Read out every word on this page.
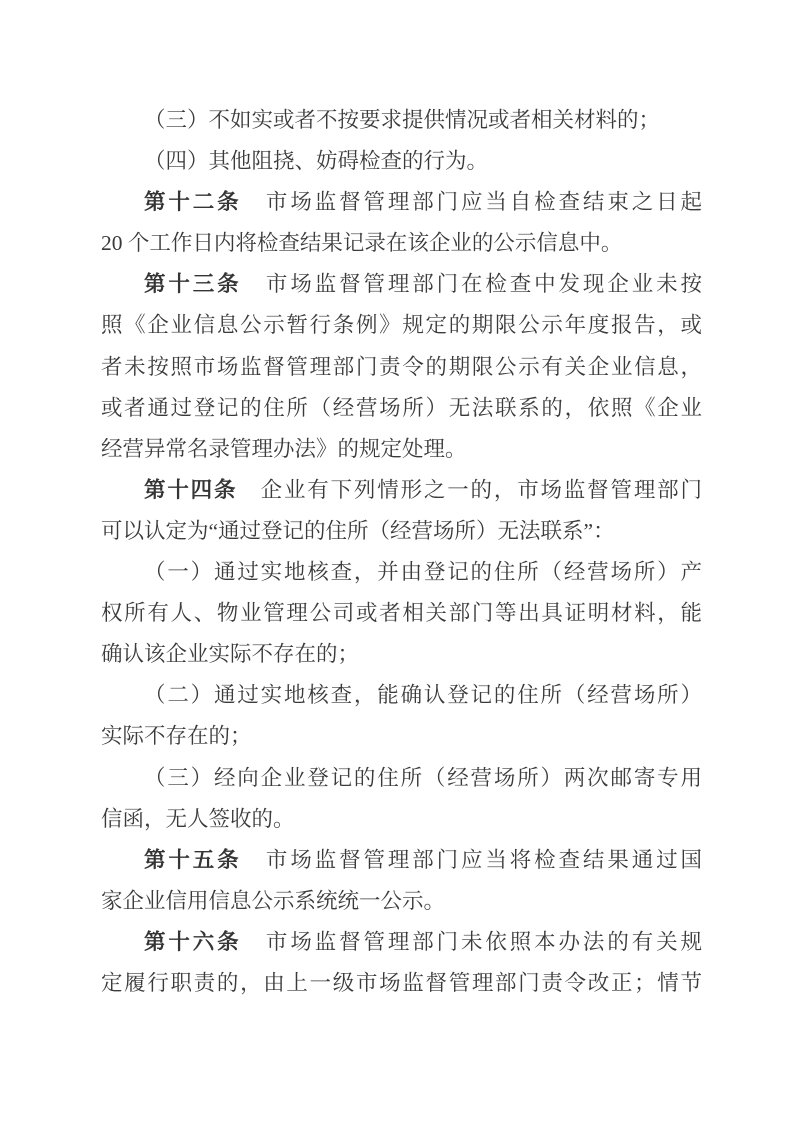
（三）不如实或者不按要求提供情况或者相关材料的；
（四）其他阻挠、妨碍检查的行为。
第十二条　市场监督管理部门应当自检查结束之日起
20 个工作日内将检查结果记录在该企业的公示信息中。
第十三条　市场监督管理部门在检查中发现企业未按
照《企业信息公示暂行条例》规定的期限公示年度报告，或
者未按照市场监督管理部门责令的期限公示有关企业信息，
或者通过登记的住所（经营场所）无法联系的，依照《企业
经营异常名录管理办法》的规定处理。
第十四条　企业有下列情形之一的，市场监督管理部门
可以认定为“通过登记的住所（经营场所）无法联系”：
（一）通过实地核查，并由登记的住所（经营场所）产
权所有人、物业管理公司或者相关部门等出具证明材料，能
确认该企业实际不存在的；
（二）通过实地核查，能确认登记的住所（经营场所）
实际不存在的；
（三）经向企业登记的住所（经营场所）两次邮寄专用
信函，无人签收的。
第十五条　市场监督管理部门应当将检查结果通过国
家企业信用信息公示系统统一公示。
第十六条　市场监督管理部门未依照本办法的有关规
定履行职责的，由上一级市场监督管理部门责令改正；情节
